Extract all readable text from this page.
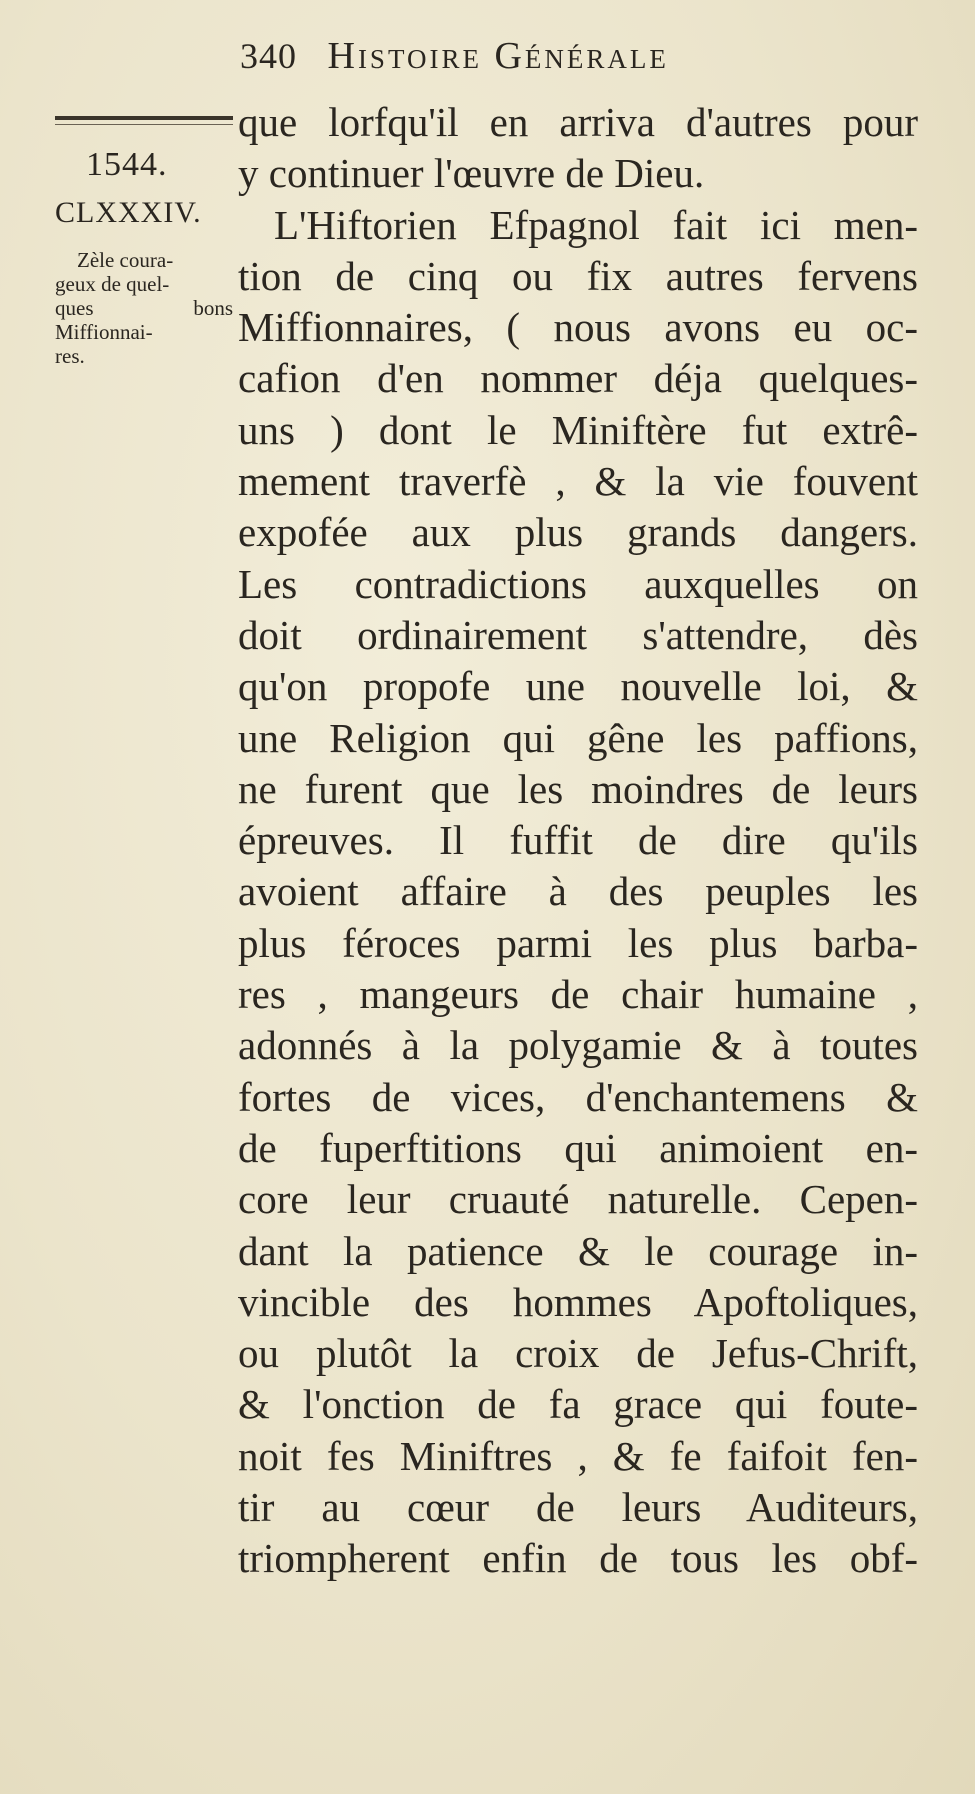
340 Histoire Générale
1544.
CLXXXIV.
Zèle coura-
geux de quel-
ques	bons
Miffionnai-
res.
que lorfqu'il en arriva d'autres pour
y continuer l'œuvre de Dieu.
L'Hiftorien Efpagnol fait ici men-
tion de cinq ou fix autres fervens
Miffionnaires, ( nous avons eu oc-
cafion d'en nommer déja quelques-
uns ) dont le Miniftère fut extrê-
mement traverfè , & la vie fouvent
expofée aux plus grands dangers.
Les contradictions auxquelles on
doit ordinairement s'attendre, dès
qu'on propofe une nouvelle loi, &
une Religion qui gêne les paffions,
ne furent que les moindres de leurs
épreuves. Il fuffit de dire qu'ils
avoient affaire à des peuples les
plus féroces parmi les plus barba-
res , mangeurs de chair humaine ,
adonnés à la polygamie & à toutes
fortes de vices, d'enchantemens &
de fuperftitions qui animoient en-
core leur cruauté naturelle. Cepen-
dant la patience & le courage in-
vincible des hommes Apoftoliques,
ou plutôt la croix de Jefus-Chrift,
& l'onction de fa grace qui foute-
noit fes Miniftres , & fe faifoit fen-
tir au cœur de leurs Auditeurs,
triompherent enfin de tous les obf-
